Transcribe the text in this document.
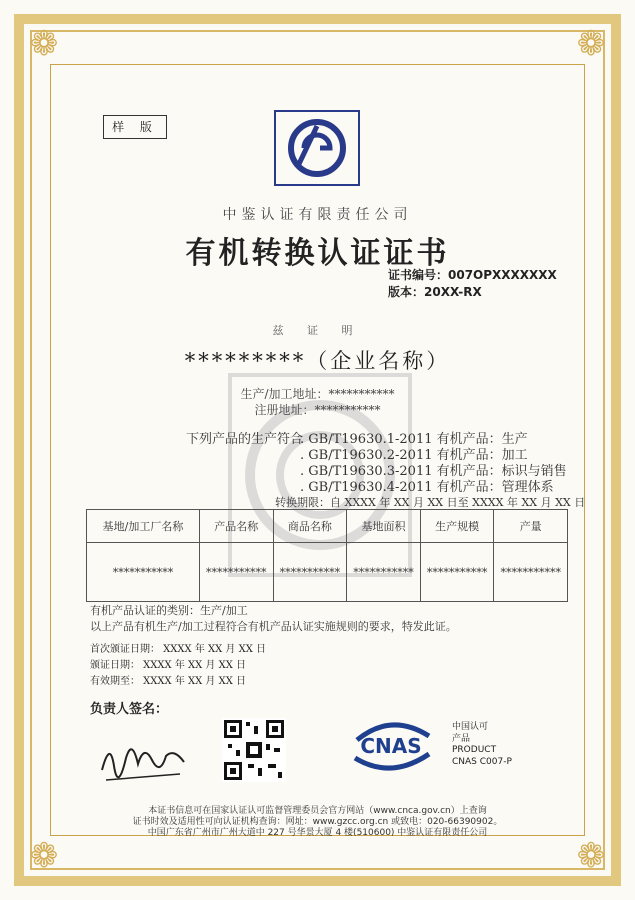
❁	❁
❁	❁
样 版
中鉴认证有限责任公司
有机转换认证证书
证书编号：007OPXXXXXXX
版本：20XX-RX
兹 证 明
*********（企业名称）
生产/加工地址：***********
注册地址：***********
下列产品的生产符合
. GB/T19630.1-2011 有机产品：生产
. GB/T19630.2-2011 有机产品：加工
. GB/T19630.3-2011 有机产品：标识与销售
. GB/T19630.4-2011 有机产品：管理体系
转换期限：自 XXXX 年 XX 月 XX 日至 XXXX 年 XX 月 XX 日
基地/加工厂名称	产品名称	商品名称	基地面积	生产规模	产量
***********	***********	***********	***********	***********	***********
有机产品认证的类别：生产/加工
以上产品有机生产/加工过程符合有机产品认证实施规则的要求，特发此证。
首次颁证日期： XXXX 年 XX 月 XX 日
颁证日期： XXXX 年 XX 月 XX 日
有效期至： XXXX 年 XX 月 XX 日
负责人签名：
CNAS
中国认可
产品
PRODUCT
CNAS C007-P
本证书信息可在国家认证认可监督管理委员会官方网站（www.cnca.gov.cn）上查询
证书时效及适用性可向认证机构查询：网址：www.gzcc.org.cn 或致电：020-66390902。
中国广东省广州市广州大道中 227 号华景大厦 4 楼(510600) 中鉴认证有限责任公司
